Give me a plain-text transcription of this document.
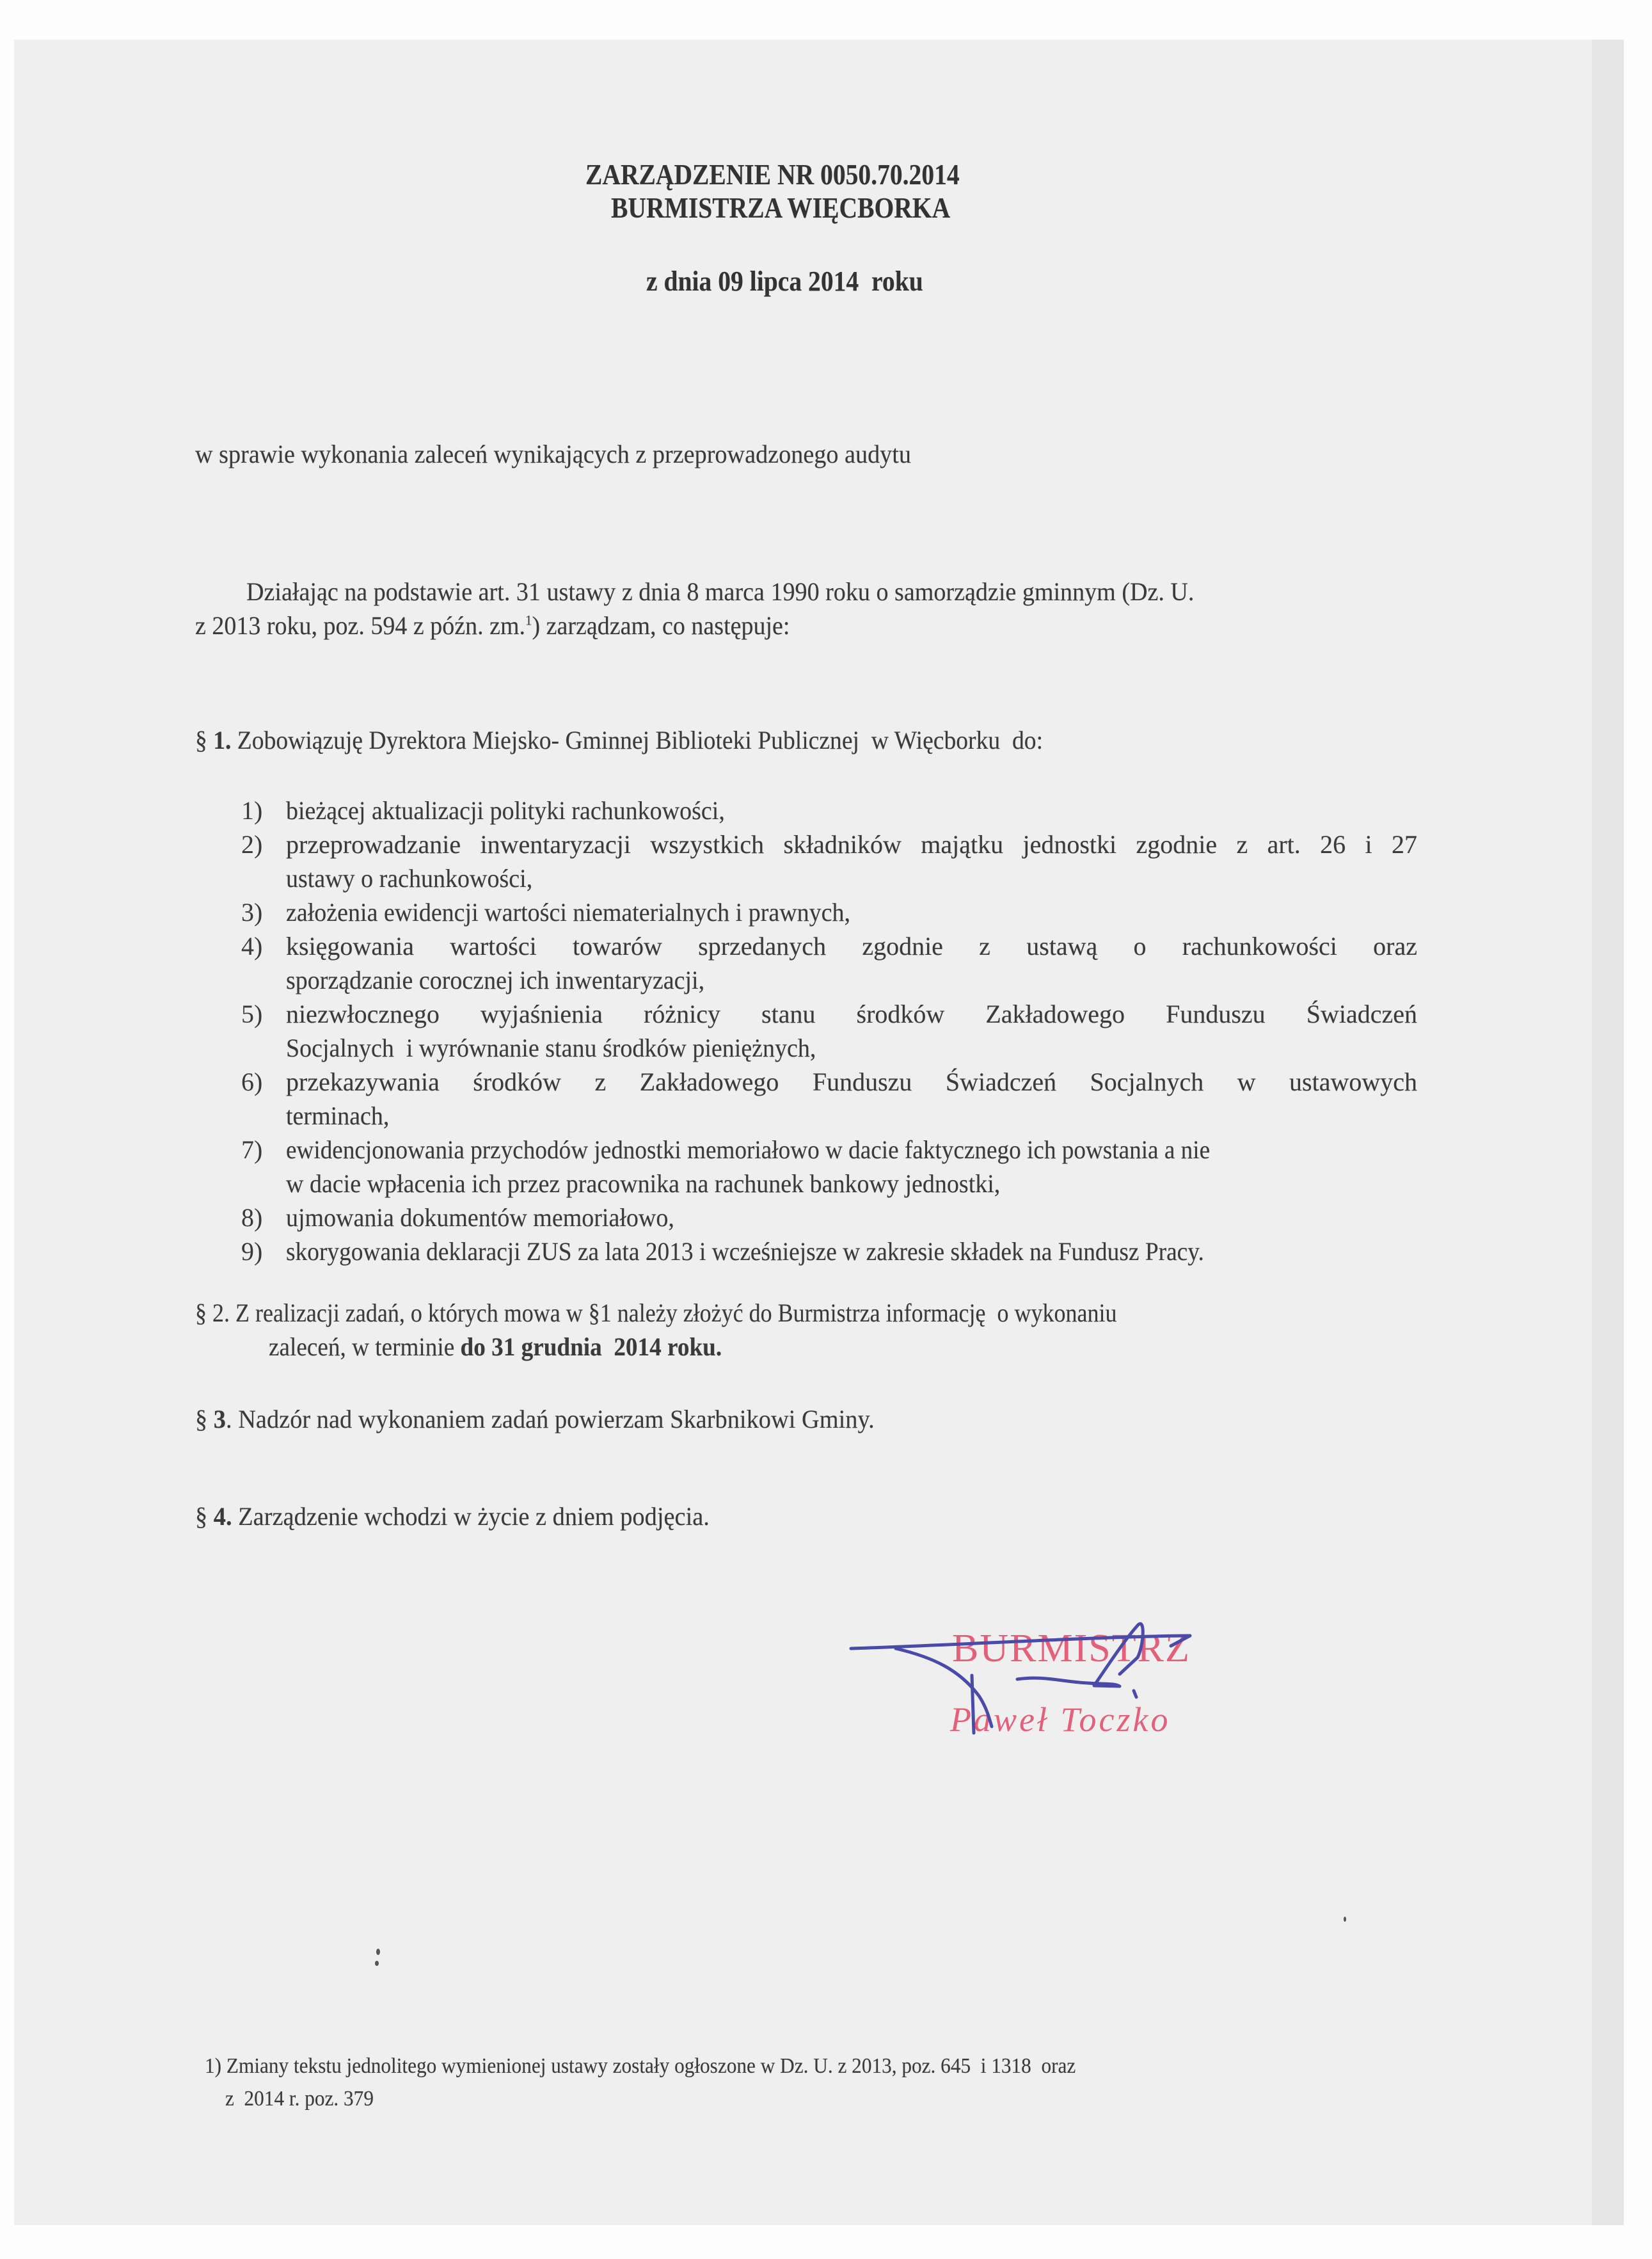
ZARZĄDZENIE NR 0050.70.2014
BURMISTRZA WIĘCBORKA
z dnia 09 lipca 2014  roku
w sprawie wykonania zaleceń wynikających z przeprowadzonego audytu
Działając na podstawie art. 31 ustawy z dnia 8 marca 1990 roku o samorządzie gminnym (Dz. U.
z 2013 roku, poz. 594 z późn. zm.$^1$) zarządzam, co następuje:
§ 1. Zobowiązuję Dyrektora Miejsko- Gminnej Biblioteki Publicznej  w Więcborku  do:
1) bieżącej aktualizacji polityki rachunkowości,
2) przeprowadzanie inwentaryzacji wszystkich składników majątku jednostki zgodnie z art. 26 i 27
ustawy o rachunkowości,
3) założenia ewidencji wartości niematerialnych i prawnych,
4) księgowania wartości towarów sprzedanych zgodnie z ustawą o rachunkowości oraz
sporządzanie corocznej ich inwentaryzacji,
5) niezwłocznego wyjaśnienia różnicy stanu środków Zakładowego Funduszu Świadczeń
Socjalnych  i wyrównanie stanu środków pieniężnych,
6) przekazywania środków z Zakładowego Funduszu Świadczeń Socjalnych w ustawowych
terminach,
7) ewidencjonowania przychodów jednostki memoriałowo w dacie faktycznego ich powstania a nie
w dacie wpłacenia ich przez pracownika na rachunek bankowy jednostki,
8) ujmowania dokumentów memoriałowo,
9) skorygowania deklaracji ZUS za lata 2013 i wcześniejsze w zakresie składek na Fundusz Pracy.
§ 2. Z realizacji zadań, o których mowa w §1 należy złożyć do Burmistrza informację  o wykonaniu
zaleceń, w terminie do 31 grudnia  2014 roku.
§ 3. Nadzór nad wykonaniem zadań powierzam Skarbnikowi Gminy.
§ 4. Zarządzenie wchodzi w życie z dniem podjęcia.
BURMISTRZ
Paweł Toczko
1) Zmiany tekstu jednolitego wymienionej ustawy zostały ogłoszone w Dz. U. z 2013, poz. 645  i 1318  oraz
z  2014 r. poz. 379
